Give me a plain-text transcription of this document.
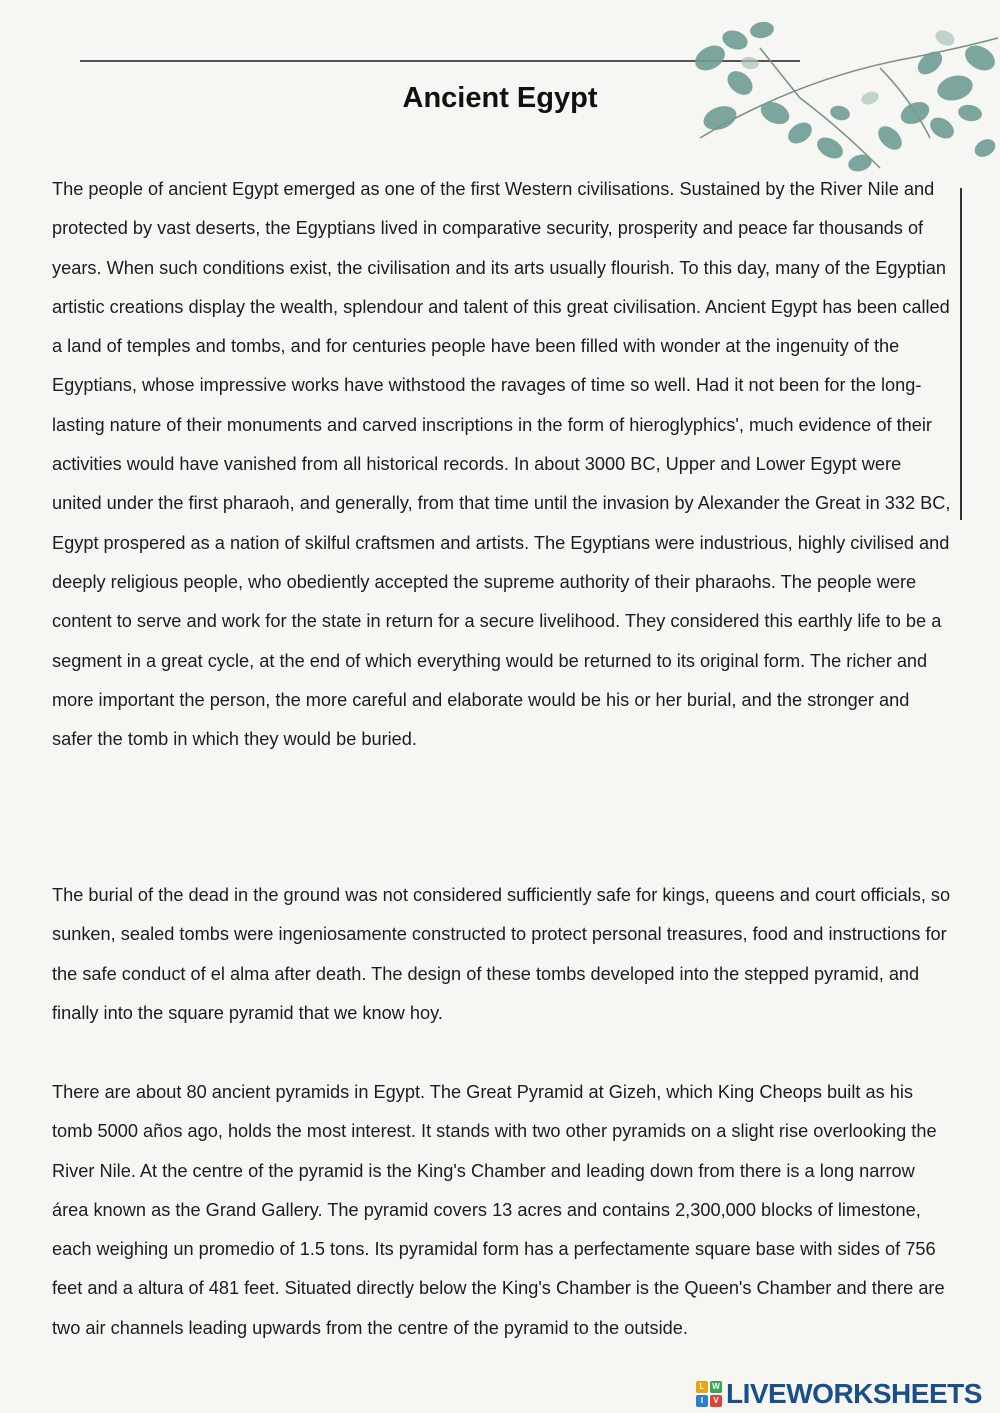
Ancient Egypt

The people of ancient Egypt emerged as one of the first Western civilisations. Sustained by the River Nile and protected by vast deserts, the Egyptians lived in comparative security, prosperity and peace far thousands of years. When such conditions exist, the civilisation and its arts usually flourish. To this day, many of the Egyptian artistic creations display the wealth, splendour and talent of this great civilisation. Ancient Egypt has been called a land of temples and tombs, and for centuries people have been filled with wonder at the ingenuity of the Egyptians, whose impressive works have withstood the ravages of time so well. Had it not been for the long-lasting nature of their monuments and carved inscriptions in the form of hieroglyphics', much evidence of their activities would have vanished from all historical records. In about 3000 BC, Upper and Lower Egypt were united under the first pharaoh, and generally, from that time until the invasion by Alexander the Great in 332 BC, Egypt prospered as a nation of skilful craftsmen and artists. The Egyptians were industrious, highly civilised and deeply religious people, who obediently accepted the supreme authority of their pharaohs. The people were content to serve and work for the state in return for a secure livelihood. They considered this earthly life to be a segment in a great cycle, at the end of which everything would be returned to its original form. The richer and more important the person, the more careful and elaborate would be his or her burial, and the stronger and safer the tomb in which they would be buried.

The burial of the dead in the ground was not considered sufficiently safe for kings, queens and court officials, so sunken, sealed tombs were ingeniosamente constructed to protect personal treasures, food and instructions for the safe conduct of el alma after death. The design of these tombs developed into the stepped pyramid, and finally into the square pyramid that we know hoy.

There are about 80 ancient pyramids in Egypt. The Great Pyramid at Gizeh, which King Cheops built as his tomb 5000 años ago, holds the most interest. It stands with two other pyramids on a slight rise overlooking the River Nile. At the centre of the pyramid is the King's Chamber and leading down from there is a long narrow área known as the Grand Gallery. The pyramid covers 13 acres and contains 2,300,000 blocks of limestone, each weighing un promedio of 1.5 tons. Its pyramidal form has a perfectamente square base with sides of 756 feet and a altura of 481 feet. Situated directly below the King's Chamber is the Queen's Chamber and there are two air channels leading upwards from the centre of the pyramid to the outside.

L W
I	V LIVEWORKSHEETS
